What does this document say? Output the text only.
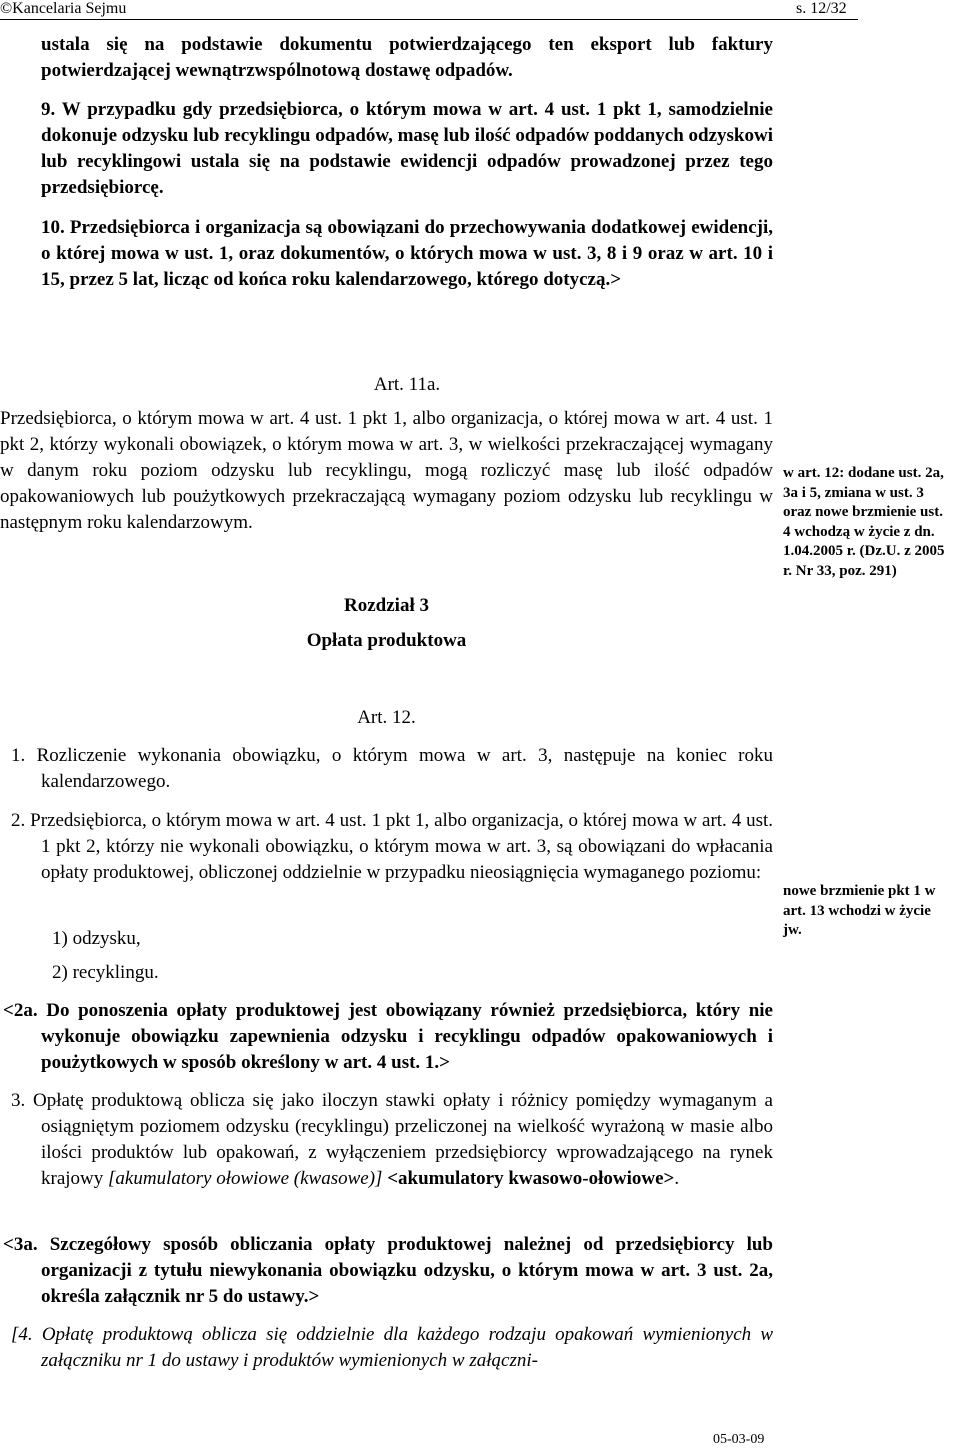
©Kancelaria Sejmu	s. 12/32

ustala się na podstawie dokumentu potwierdzającego ten eksport lub faktury potwierdzającej wewnątrzwspólnotową dostawę odpadów.

9. W przypadku gdy przedsiębiorca, o którym mowa w art. 4 ust. 1 pkt 1, samodzielnie dokonuje odzysku lub recyklingu odpadów, masę lub ilość odpadów poddanych odzyskowi lub recyklingowi ustala się na podstawie ewidencji odpadów prowadzonej przez tego przedsiębiorcę.

10. Przedsiębiorca i organizacja są obowiązani do przechowywania dodatkowej ewidencji, o której mowa w ust. 1, oraz dokumentów, o których mowa w ust. 3, 8 i 9 oraz w art. 10 i 15, przez 5 lat, licząc od końca roku kalendarzowego, którego dotyczą.>

Art. 11a.

Przedsiębiorca, o którym mowa w art. 4 ust. 1 pkt 1, albo organizacja, o której mowa w art. 4 ust. 1 pkt 2, którzy wykonali obowiązek, o którym mowa w art. 3, w wielkości przekraczającej wymagany w danym roku poziom odzysku lub recyklingu, mogą rozliczyć masę lub ilość odpadów opakowaniowych lub poużytkowych przekraczającą wymagany poziom odzysku lub recyklingu w następnym roku kalendarzowym.

Rozdział 3
Opłata produktowa
Art. 12.

1. Rozliczenie wykonania obowiązku, o którym mowa w art. 3, następuje na koniec roku kalendarzowego.

2. Przedsiębiorca, o którym mowa w art. 4 ust. 1 pkt 1, albo organizacja, o której mowa w art. 4 ust. 1 pkt 2, którzy nie wykonali obowiązku, o którym mowa w art. 3, są obowiązani do wpłacania opłaty produktowej, obliczonej oddzielnie w przypadku nieosiągnięcia wymaganego poziomu:

1) odzysku,
2) recyklingu.

<2a. Do ponoszenia opłaty produktowej jest obowiązany również przedsiębiorca, który nie wykonuje obowiązku zapewnienia odzysku i recyklingu odpadów opakowaniowych i poużytkowych w sposób określony w art. 4 ust. 1.>

3. Opłatę produktową oblicza się jako iloczyn stawki opłaty i różnicy pomiędzy wymaganym a osiągniętym poziomem odzysku (recyklingu) przeliczonej na wielkość wyrażoną w masie albo ilości produktów lub opakowań, z wyłączeniem przedsiębiorcy wprowadzającego na rynek krajowy [akumulatory ołowiowe (kwasowe)] <akumulatory kwasowo-ołowiowe>.

<3a. Szczegółowy sposób obliczania opłaty produktowej należnej od przedsiębiorcy lub organizacji z tytułu niewykonania obowiązku odzysku, o którym mowa w art. 3 ust. 2a, określa załącznik nr 5 do ustawy.>

[4. Opłatę produktową oblicza się oddzielnie dla każdego rodzaju opakowań wymienionych w załączniku nr 1 do ustawy i produktów wymienionych w załączni-

w art. 12: dodane ust. 2a, 3a i 5, zmiana w ust. 3 oraz nowe brzmienie ust. 4 wchodzą w życie z dn. 1.04.2005 r. (Dz.U. z 2005 r. Nr 33, poz. 291)

nowe brzmienie pkt 1 w art. 13 wchodzi w życie jw.

05-03-09
